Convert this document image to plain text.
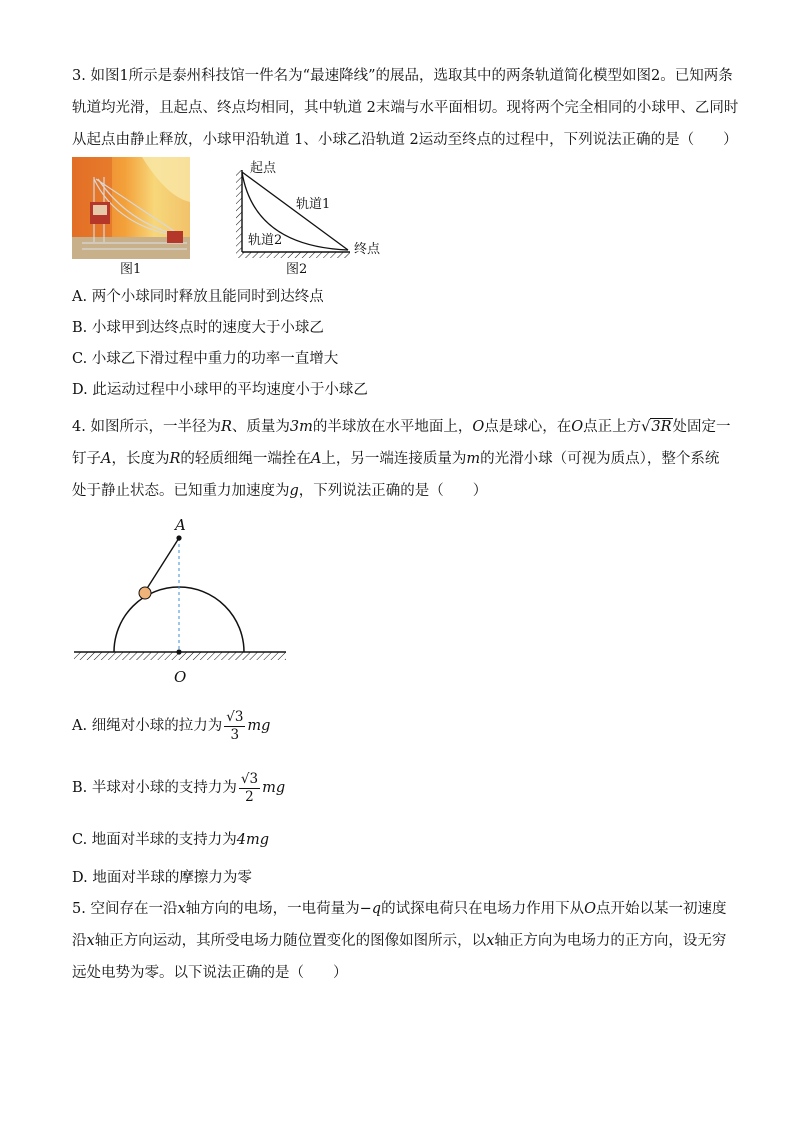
3. 如图1所示是泰州科技馆一件名为“最速降线”的展品，选取其中的两条轨道简化模型如图2。已知两条
轨道均光滑，且起点、终点均相同，其中轨道 2末端与水平面相切。现将两个完全相同的小球甲、乙同时
从起点由静止释放，小球甲沿轨道 1、小球乙沿轨道 2运动至终点的过程中，下列说法正确的是（　　）
图1
起点
轨道1
轨道2
终点
图2
A. 两个小球同时释放且能同时到达终点
B. 小球甲到达终点时的速度大于小球乙
C. 小球乙下滑过程中重力的功率一直增大
D. 此运动过程中小球甲的平均速度小于小球乙
4. 如图所示，一半径为R、质量为3m的半球放在水平地面上，O点是球心，在O点正上方√3R处固定一
钉子A，长度为R的轻质细绳一端拴在A上，另一端连接质量为m的光滑小球（可视为质点），整个系统
处于静止状态。已知重力加速度为g，下列说法正确的是（　　）
A
O
A. 细绳对小球的拉力为 $\frac{√3}{3}$ mg
B. 半球对小球的支持力为 $\frac{√3}{2}$ mg
C. 地面对半球的支持力为4mg
D. 地面对半球的摩擦力为零
5. 空间存在一沿x轴方向的电场，一电荷量为−q的试探电荷只在电场力作用下从O点开始以某一初速度
沿x轴正方向运动，其所受电场力随位置变化的图像如图所示，以x轴正方向为电场力的正方向，设无穷
远处电势为零。以下说法正确的是（　　）
